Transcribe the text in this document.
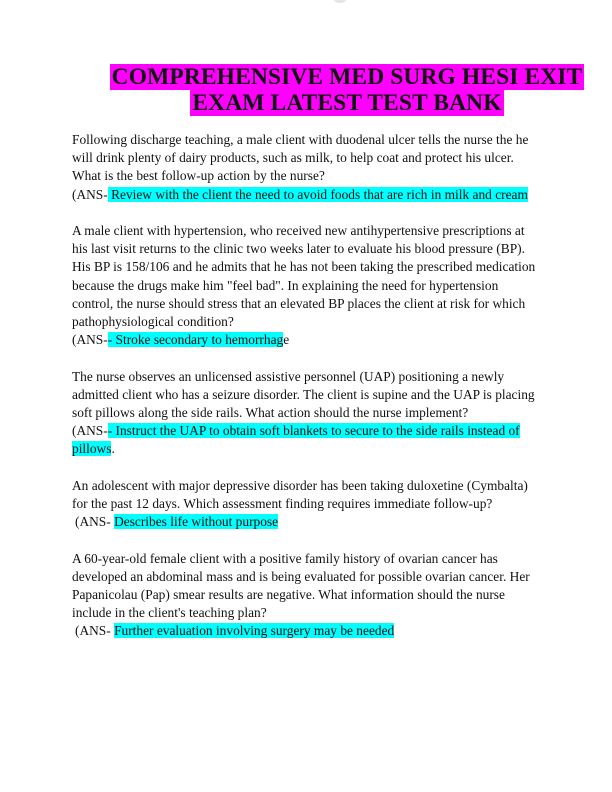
COMPREHENSIVE MED SURG HESI EXIT EXAM LATEST TEST BANK

Following discharge teaching, a male client with duodenal ulcer tells the nurse the he will drink plenty of dairy products, such as milk, to help coat and protect his ulcer. What is the best follow-up action by the nurse?

(ANS- Review with the client the need to avoid foods that are rich in milk and cream

A male client with hypertension, who received new antihypertensive prescriptions at his last visit returns to the clinic two weeks later to evaluate his blood pressure (BP). His BP is 158/106 and he admits that he has not been taking the prescribed medication because the drugs make him "feel bad". In explaining the need for hypertension control, the nurse should stress that an elevated BP places the client at risk for which pathophysiological condition?

(ANS-- Stroke secondary to hemorrhage

The nurse observes an unlicensed assistive personnel (UAP) positioning a newly admitted client who has a seizure disorder. The client is supine and the UAP is placing soft pillows along the side rails. What action should the nurse implement?

(ANS-- Instruct the UAP to obtain soft blankets to secure to the side rails instead of pillows.

An adolescent with major depressive disorder has been taking duloxetine (Cymbalta) for the past 12 days. Which assessment finding requires immediate follow-up?

(ANS- Describes life without purpose

A 60-year-old female client with a positive family history of ovarian cancer has developed an abdominal mass and is being evaluated for possible ovarian cancer. Her Papanicolau (Pap) smear results are negative. What information should the nurse include in the client's teaching plan?

(ANS- Further evaluation involving surgery may be needed
